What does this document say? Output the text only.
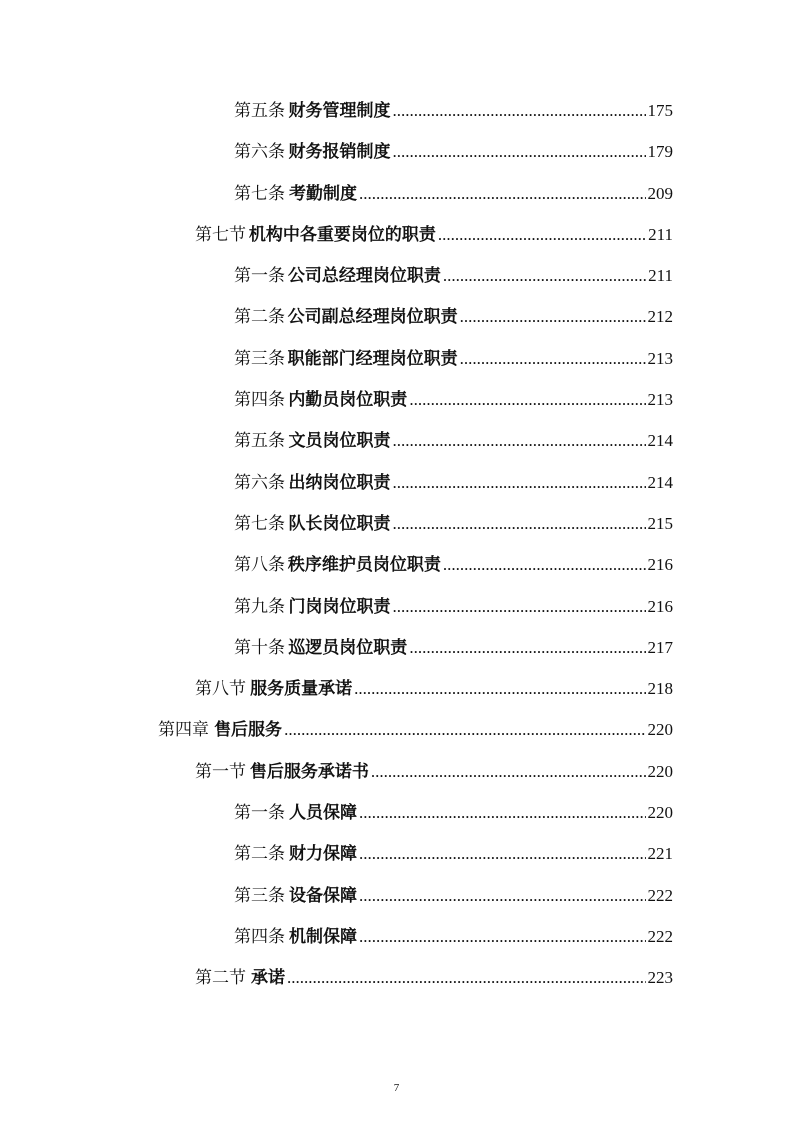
第五条 财务管理制度 .....	175
第六条 财务报销制度 .....	179
第七条 考勤制度 .....	209
第七节 机构中各重要岗位的职责 .....	211
第一条 公司总经理岗位职责 .....	211
第二条 公司副总经理岗位职责 .....	212
第三条 职能部门经理岗位职责 .....	213
第四条 内勤员岗位职责 .....	213
第五条 文员岗位职责 .....	214
第六条 出纳岗位职责 .....	214
第七条 队长岗位职责 .....	215
第八条 秩序维护员岗位职责 .....	216
第九条 门岗岗位职责 .....	216
第十条 巡逻员岗位职责 .....	217
第八节 服务质量承诺 .....	218
第四章 售后服务 .....	220
第一节 售后服务承诺书 .....	220
第一条 人员保障 .....	220
第二条 财力保障 .....	221
第三条 设备保障 .....	222
第四条 机制保障 .....	222
第二节 承诺 .....	223
7
